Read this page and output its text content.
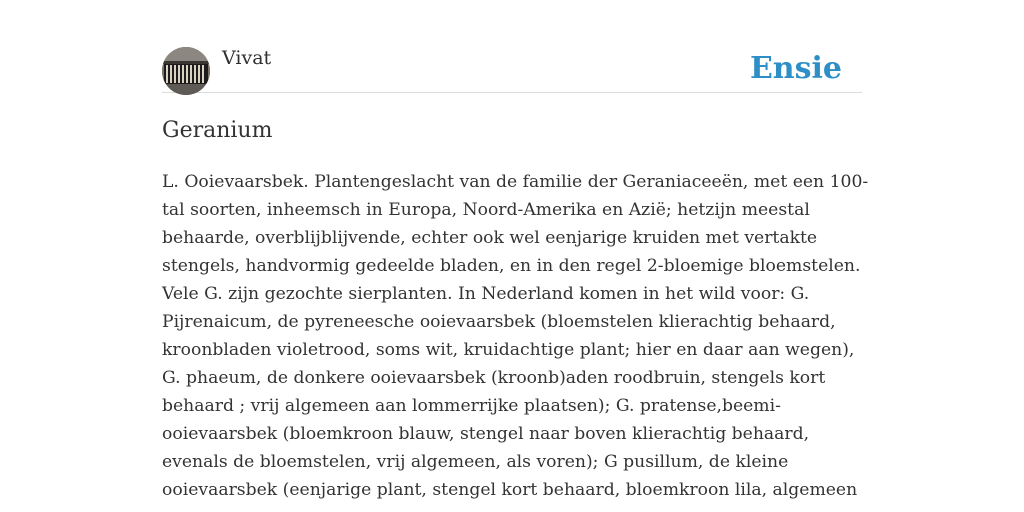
Vivat	Ensie
Geranium
L. Ooievaarsbek. Plantengeslacht van de familie der Geraniaceeën, met een 100-
tal soorten, inheemsch in Europa, Noord-Amerika en Azië; hetzijn meestal
behaarde, overblijblijvende, echter ook wel eenjarige kruiden met vertakte
stengels, handvormig gedeelde bladen, en in den regel 2-bloemige bloemstelen.
Vele G. zijn gezochte sierplanten. In Nederland komen in het wild voor: G.
Pijrenaicum, de pyreneesche ooievaarsbek (bloemstelen klierachtig behaard,
kroonbladen violetrood, soms wit, kruidachtige plant; hier en daar aan wegen),
G. phaeum, de donkere ooievaarsbek (kroonb)aden roodbruin, stengels kort
behaard ; vrij algemeen aan lommerrijke plaatsen); G. pratense,beemi-
ooievaarsbek (bloemkroon blauw, stengel naar boven klierachtig behaard,
evenals de bloemstelen, vrij algemeen, als voren); G pusillum, de kleine
ooievaarsbek (eenjarige plant, stengel kort behaard, bloemkroon lila, algemeen
